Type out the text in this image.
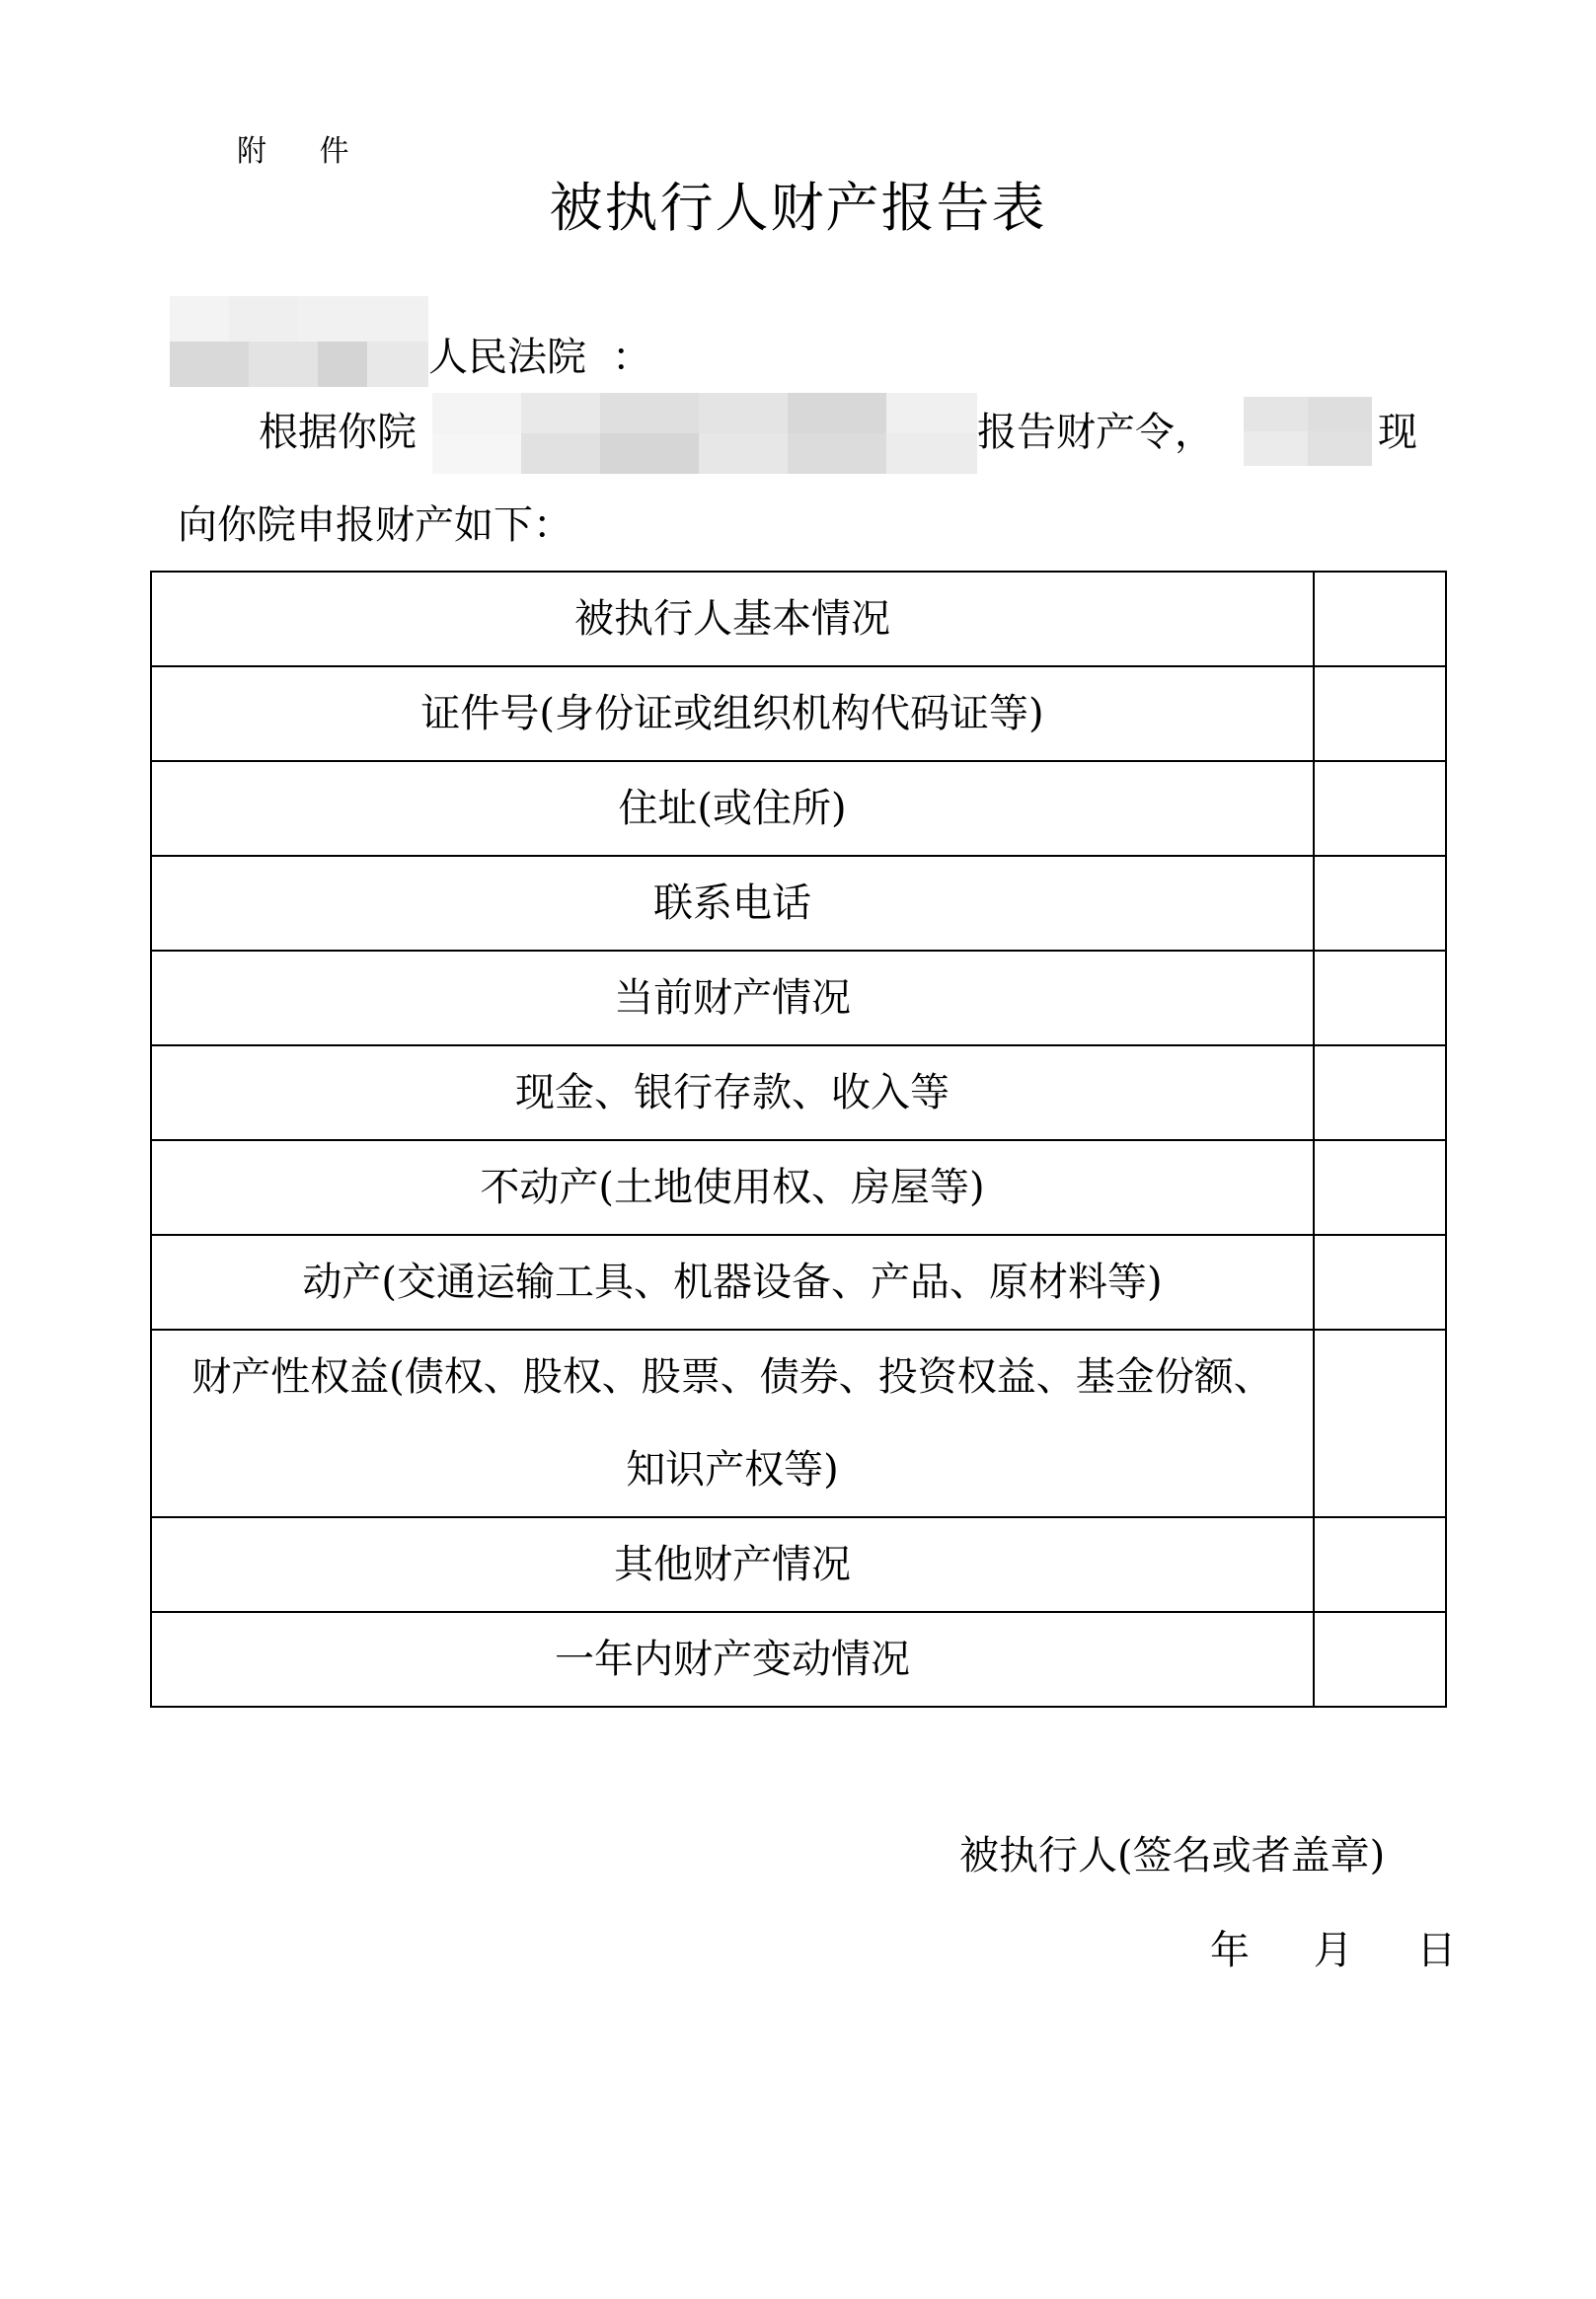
附 件
被执行人财产报告表
人民法院 ：
根据你院	报告财产令，	现
向你院申报财产如下：
被执行人基本情况	

证件号(身份证或组织机构代码证等)	

住址(或住所)	

联系电话	

当前财产情况	

现金、银行存款、收入等	

不动产(土地使用权、房屋等)	

动产(交通运输工具、机器设备、产品、原材料等)	

财产性权益(债权、股权、股票、债券、投资权益、基金份额、
知识产权等)	

其他财产情况	

一年内财产变动情况	

被执行人(签名或者盖章)
年 月 日
